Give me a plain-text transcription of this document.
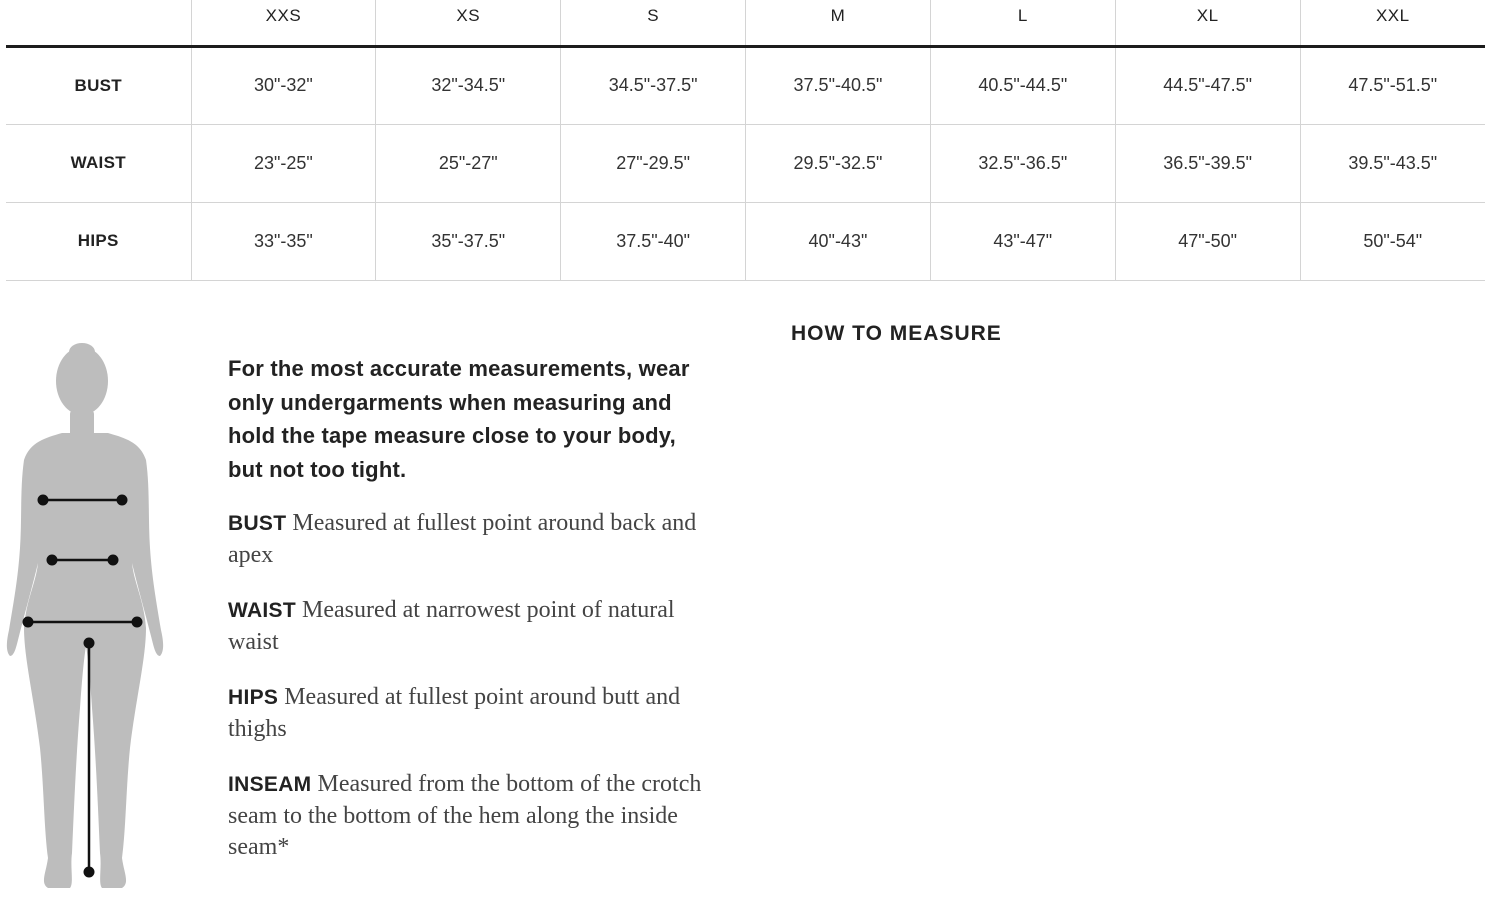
	XXS	XS	S	M	L	XL	XXL
BUST	30"-32"	32"-34.5"	34.5"-37.5"	37.5"-40.5"	40.5"-44.5"	44.5"-47.5"	47.5"-51.5"
WAIST	23"-25"	25"-27"	27"-29.5"	29.5"-32.5"	32.5"-36.5"	36.5"-39.5"	39.5"-43.5"
HIPS	33"-35"	35"-37.5"	37.5"-40"	40"-43"	43"-47"	47"-50"	50"-54"

For the most accurate measurements, wear only undergarments when measuring and hold the tape measure close to your body, but not too tight.

BUST Measured at fullest point around back and apex

WAIST Measured at narrowest point of natural waist

HIPS Measured at fullest point around butt and thighs

INSEAM Measured from the bottom of the crotch seam to the bottom of the hem along the inside seam*

HOW TO MEASURE
